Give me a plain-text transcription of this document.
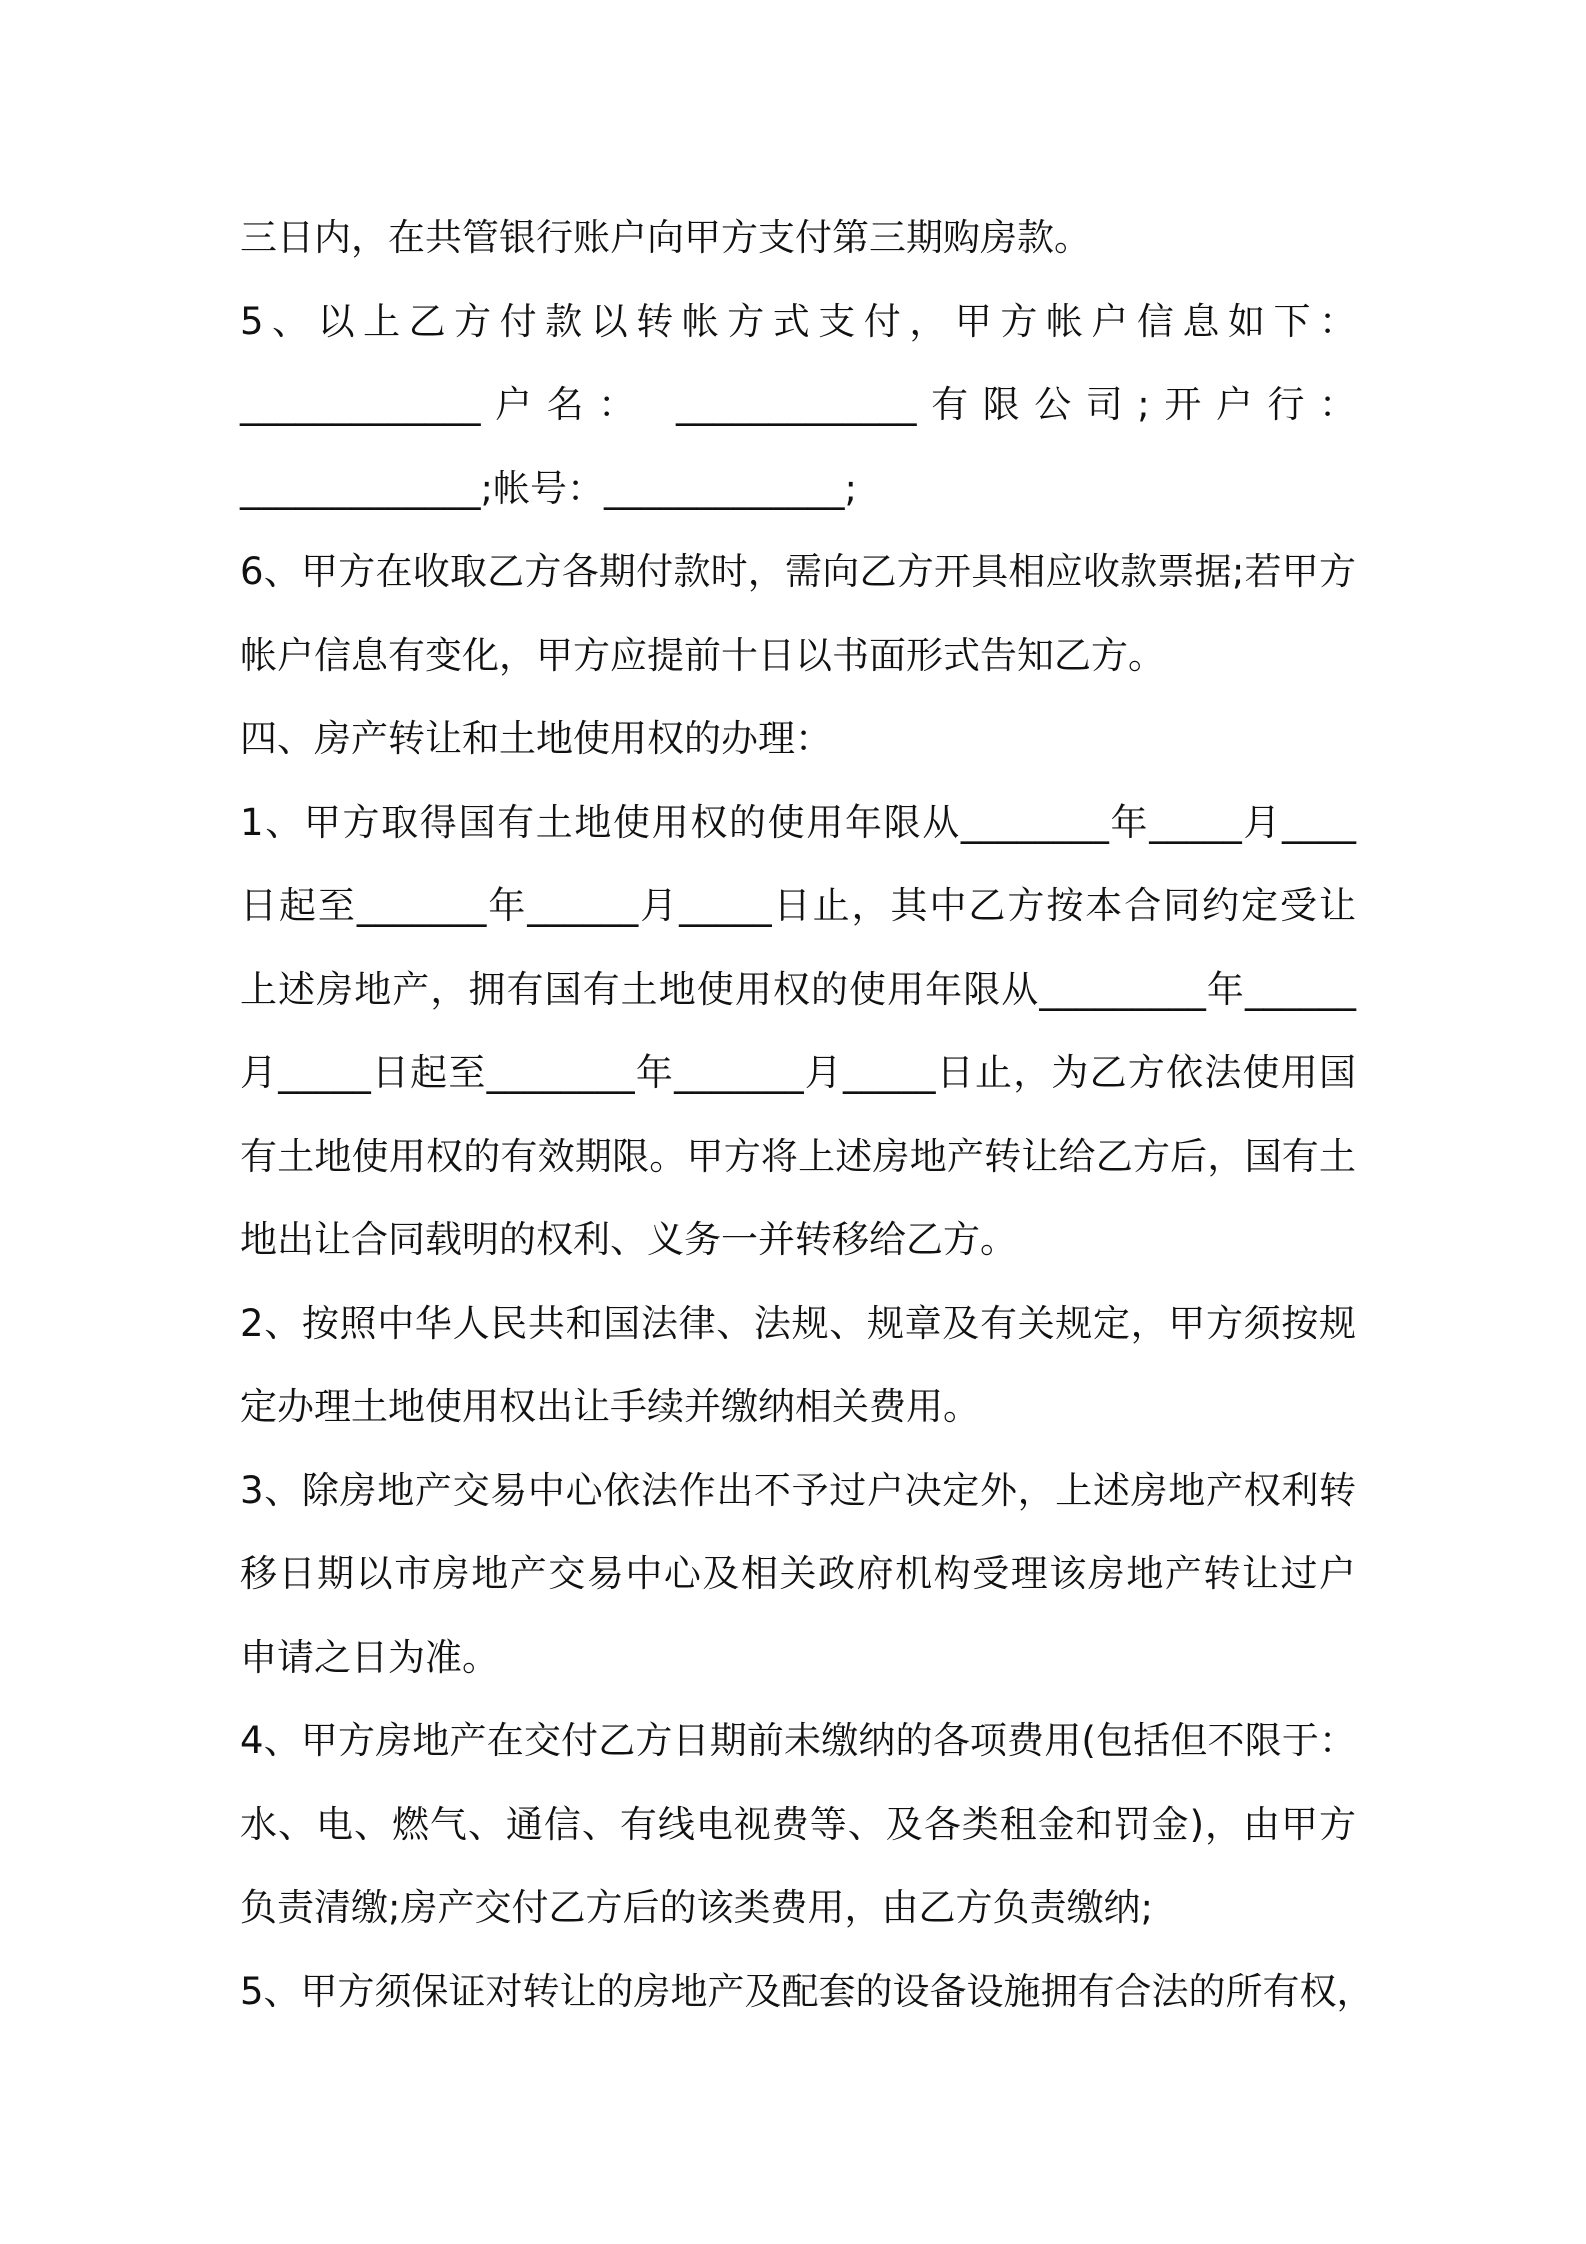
三日内，在共管银行账户向甲方支付第三期购房款。
5、以上乙方付款以转帐方式支付，甲方帐户信息如下：
_____________户名： _____________有限公司;开户行：
_____________;帐号：_____________;
6、甲方在收取乙方各期付款时，需向乙方开具相应收款票据;若甲方
帐户信息有变化，甲方应提前十日以书面形式告知乙方。
四、房产转让和土地使用权的办理：
1、甲方取得国有土地使用权的使用年限从________年_____月____
日起至_______年______月_____日止，其中乙方按本合同约定受让
上述房地产，拥有国有土地使用权的使用年限从_________年______
月_____日起至________年_______月_____日止，为乙方依法使用国
有土地使用权的有效期限。甲方将上述房地产转让给乙方后，国有土
地出让合同载明的权利、义务一并转移给乙方。
2、按照中华人民共和国法律、法规、规章及有关规定，甲方须按规
定办理土地使用权出让手续并缴纳相关费用。
3、除房地产交易中心依法作出不予过户决定外，上述房地产权利转
移日期以市房地产交易中心及相关政府机构受理该房地产转让过户
申请之日为准。
4、甲方房地产在交付乙方日期前未缴纳的各项费用(包括但不限于：
水、电、燃气、通信、有线电视费等、及各类租金和罚金)，由甲方
负责清缴;房产交付乙方后的该类费用，由乙方负责缴纳;
5、甲方须保证对转让的房地产及配套的设备设施拥有合法的所有权，
